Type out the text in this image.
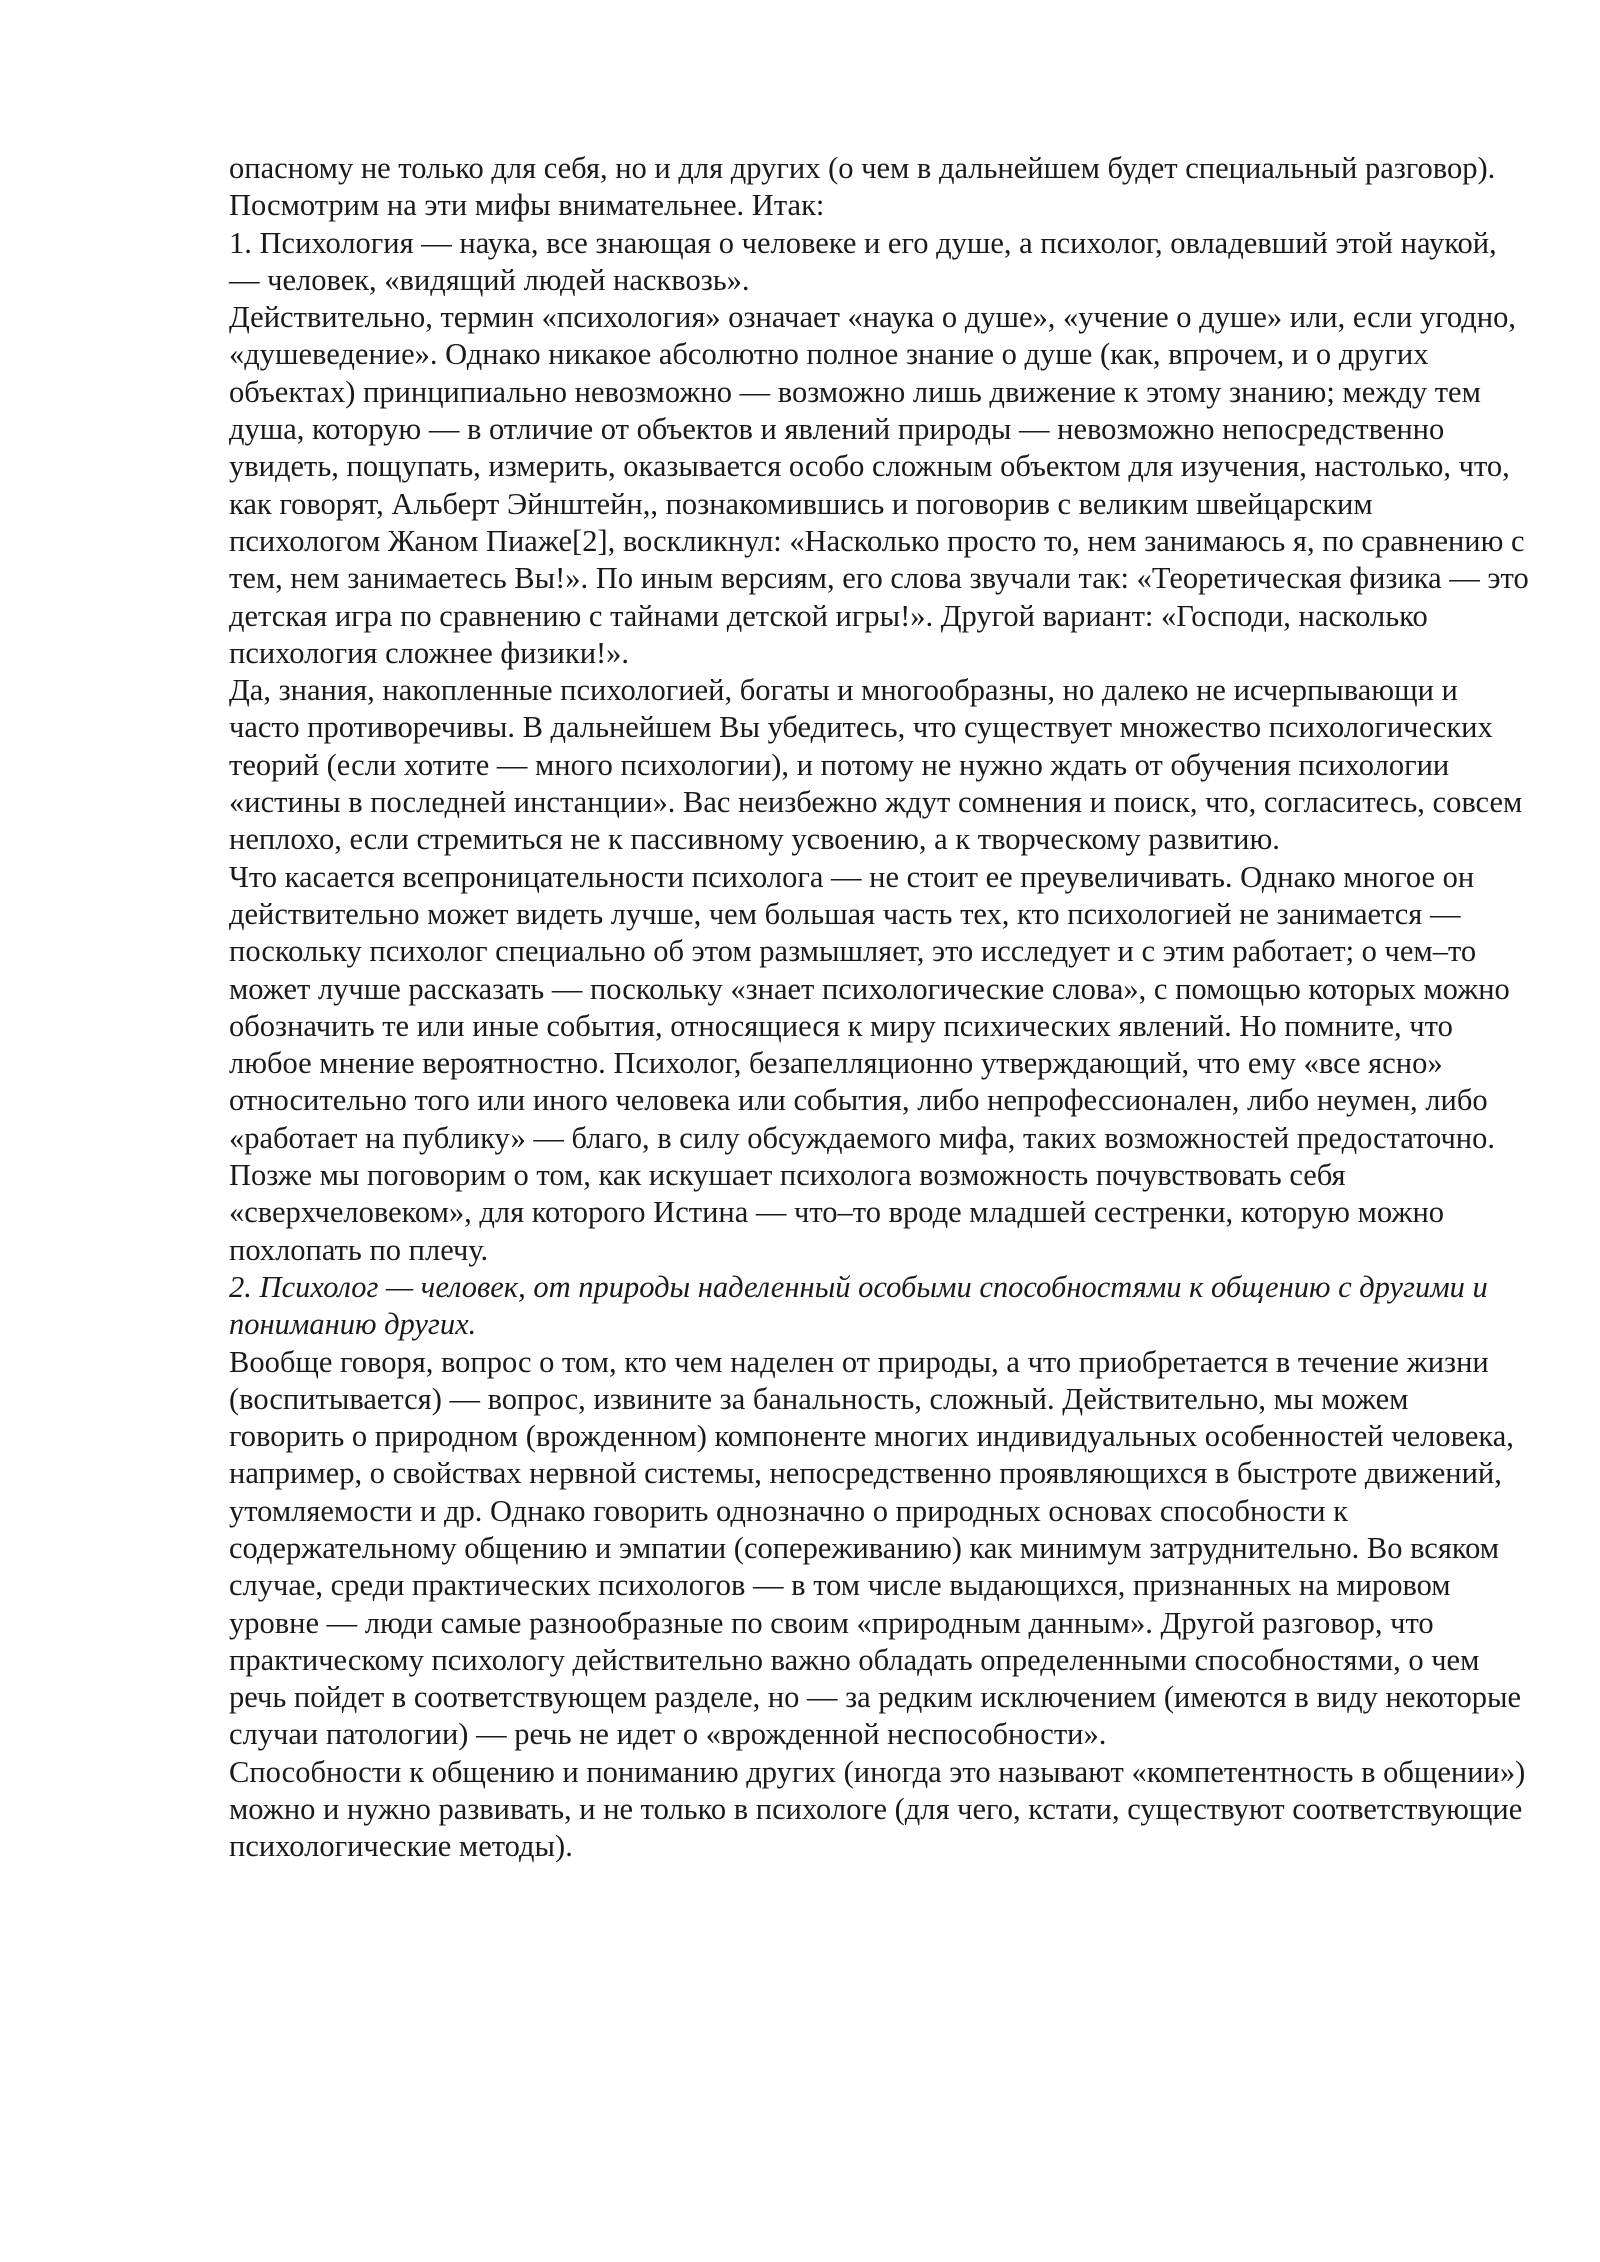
опасному не только для себя, но и для других (о чем в дальнейшем будет специальный разговор).

Посмотрим на эти мифы внимательнее. Итак:

1. Психология — наука, все знающая о человеке и его душе, а психолог, овладевший этой наукой, — человек, «видящий людей насквозь».

Действительно, термин «психология» означает «наука о душе», «учение о душе» или, если угодно, «душеведение». Однако никакое абсолютно полное знание о душе (как, впрочем, и о других объектах) принципиально невозможно — возможно лишь движение к этому знанию; между тем душа, которую — в отличие от объектов и явлений природы — невозможно непосредственно увидеть, пощупать, измерить, оказывается особо сложным объектом для изучения, настолько, что, как говорят, Альберт Эйнштейн,, познакомившись и поговорив с великим швейцарским психологом Жаном Пиаже[2], воскликнул: «Насколько просто то, нем занимаюсь я, по сравнению с тем, нем занимаетесь Вы!». По иным версиям, его слова звучали так: «Теоретическая физика — это детская игра по сравнению с тайнами детской игры!». Другой вариант: «Господи, насколько психология сложнее физики!».

Да, знания, накопленные психологией, богаты и многообразны, но далеко не исчерпывающи и часто противоречивы. В дальнейшем Вы убедитесь, что существует множество психологических теорий (если хотите — много психологии), и потому не нужно ждать от обучения психологии «истины в последней инстанции». Вас неизбежно ждут сомнения и поиск, что, согласитесь, совсем неплохо, если стремиться не к пассивному усвоению, а к творческому развитию.

Что касается всепроницательности психолога — не стоит ее преувеличивать. Однако многое он действительно может видеть лучше, чем большая часть тех, кто психологией не занимается — поскольку психолог специально об этом размышляет, это исследует и с этим работает; о чем–то может лучше рассказать — поскольку «знает психологические слова», с помощью которых можно обозначить те или иные события, относящиеся к миру психических явлений. Но помните, что любое мнение вероятностно. Психолог, безапелляционно утверждающий, что ему «все ясно» относительно того или иного человека или события, либо непрофессионален, либо неумен, либо «работает на публику» — благо, в силу обсуждаемого мифа, таких возможностей предостаточно.

Позже мы поговорим о том, как искушает психолога возможность почувствовать себя «сверхчеловеком», для которого Истина — что–то вроде младшей сестренки, которую можно похлопать по плечу.

2. Психолог — человек, от природы наделенный особыми способностями к общению с другими и пониманию других.

Вообще говоря, вопрос о том, кто чем наделен от природы, а что приобретается в течение жизни (воспитывается) — вопрос, извините за банальность, сложный. Действительно, мы можем говорить о природном (врожденном) компоненте многих индивидуальных особенностей человека, например, о свойствах нервной системы, непосредственно проявляющихся в быстроте движений, утомляемости и др. Однако говорить однозначно о природных основах способности к содержательному общению и эмпатии (сопереживанию) как минимум затруднительно. Во всяком случае, среди практических психологов — в том числе выдающихся, признанных на мировом уровне — люди самые разнообразные по своим «природным данным». Другой разговор, что практическому психологу действительно важно обладать определенными способностями, о чем речь пойдет в соответствующем разделе, но — за редким исключением (имеются в виду некоторые случаи патологии) — речь не идет о «врожденной неспособности».

Способности к общению и пониманию других (иногда это называют «компетентность в общении») можно и нужно развивать, и не только в психологе (для чего, кстати, существуют соответствующие психологические методы).
